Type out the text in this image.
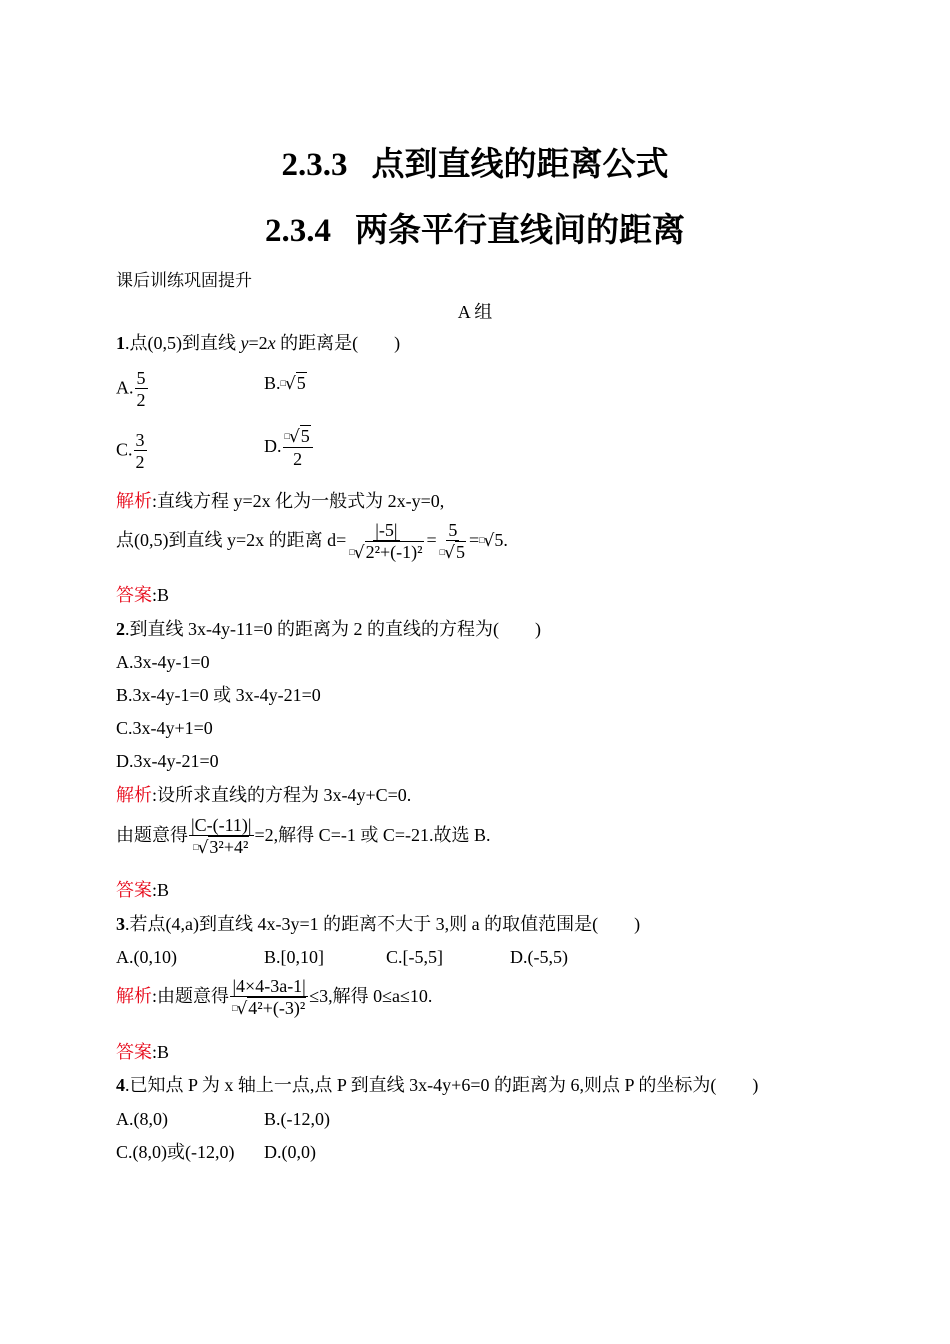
2.3.3 点到直线的距离公式
2.3.4 两条平行直线间的距离
课后训练巩固提升
A 组
1.点(0,5)到直线 y=2x 的距离是(　　)
A. $\frac{5}{2}$	B.□√5
C. $\frac{3}{2}$	D. $\frac{^□√5}{2}$
解析:直线方程 y=2x 化为一般式为 2x-y=0,
点(0,5)到直线 y=2x 的距离 $d= \frac{|-5|}{^□√2^2+(-1)^2} = \frac{5}{^□√5} =^□√5$.
答案:B
2.到直线 3x-4y-11=0 的距离为 2 的直线的方程为(　　)
A.3x-4y-1=0
B.3x-4y-1=0 或 3x-4y-21=0
C.3x-4y+1=0
D.3x-4y-21=0
解析:设所求直线的方程为 3x-4y+C=0.
由题意得 $\frac{|C-(-11)|}{^□√3^2+4^2} =2$,解得 C=-1 或 C=-21.故选 B.
答案:B
3.若点(4,a)到直线 4x-3y=1 的距离不大于 3,则 a 的取值范围是(　　)
A.(0,10)	B.[0,10]	C.[-5,5]	D.(-5,5)
解析:由题意得 $\frac{|4\times 4-3a-1|}{^□√4^2+(-3)^2} \le 3$,解得 0≤a≤10.
答案:B
4.已知点 P 为 x 轴上一点,点 P 到直线 3x-4y+6=0 的距离为 6,则点 P 的坐标为(　　)
A.(8,0)	B.(-12,0)
C.(8,0)或(-12,0) D.(0,0)
